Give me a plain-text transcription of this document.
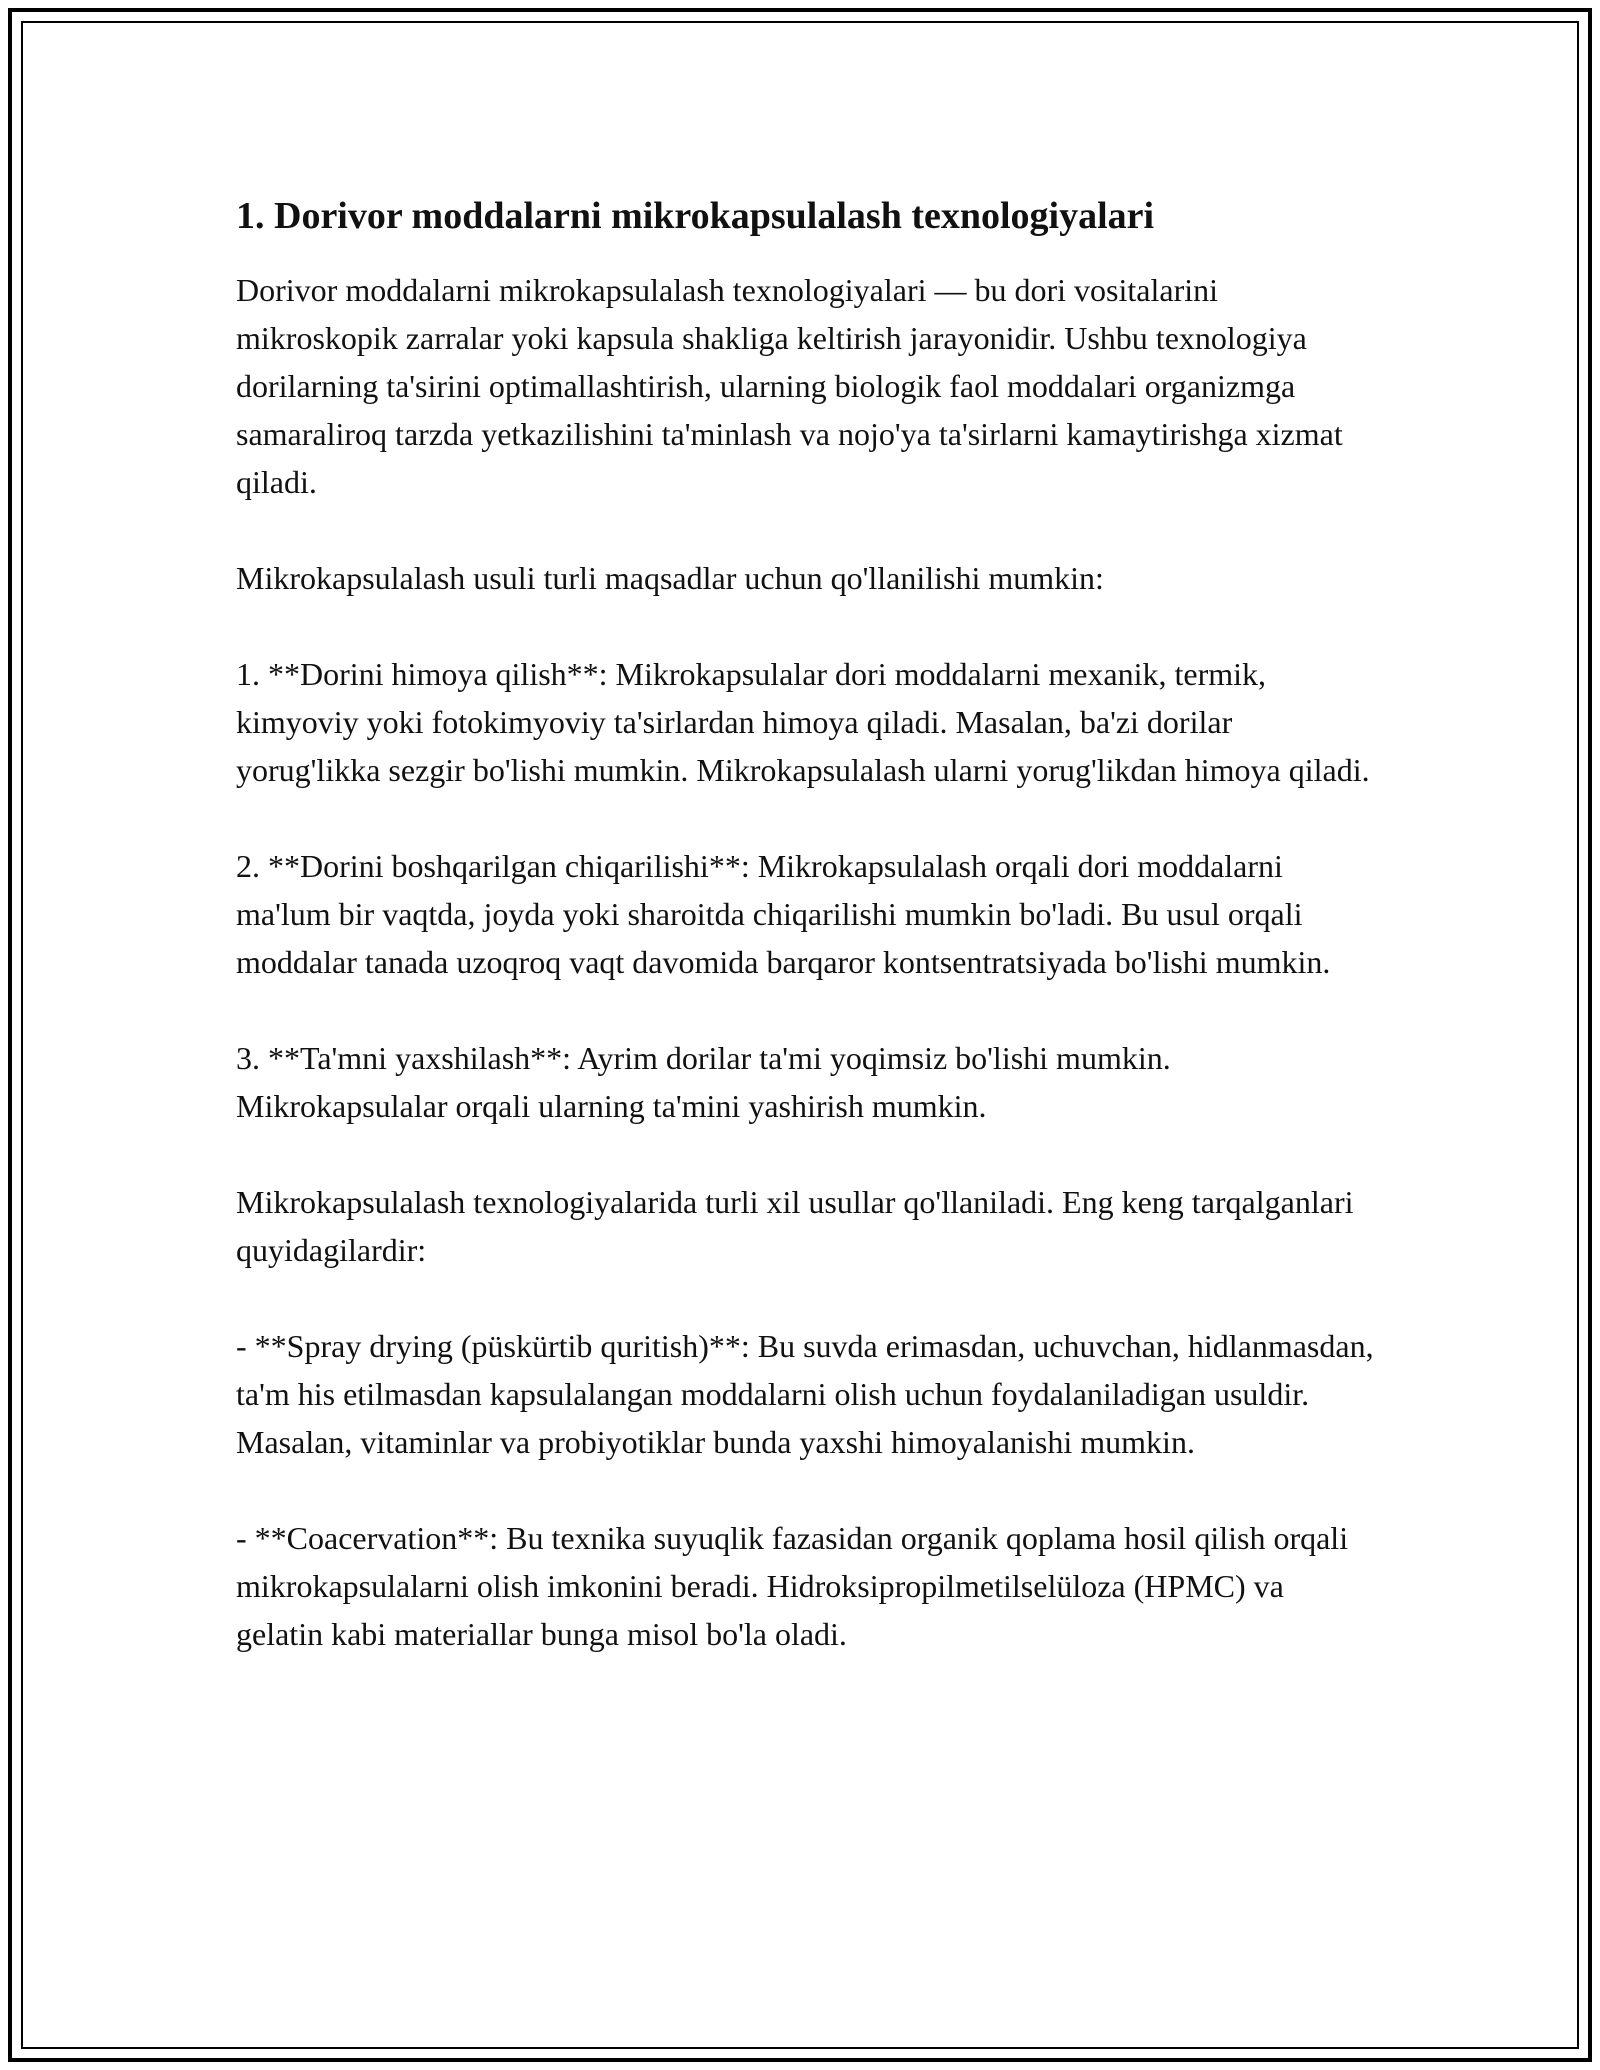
1. Dorivor moddalarni mikrokapsulalash texnologiyalari

Dorivor moddalarni mikrokapsulalash texnologiyalari — bu dori vositalarini mikroskopik zarralar yoki kapsula shakliga keltirish jarayonidir. Ushbu texnologiya dorilarning ta'sirini optimallashtirish, ularning biologik faol moddalari organizmga samaraliroq tarzda yetkazilishini ta'minlash va nojo'ya ta'sirlarni kamaytirishga xizmat qiladi.

Mikrokapsulalash usuli turli maqsadlar uchun qo'llanilishi mumkin:

1. **Dorini himoya qilish**: Mikrokapsulalar dori moddalarni mexanik, termik, kimyoviy yoki fotokimyoviy ta'sirlardan himoya qiladi. Masalan, ba'zi dorilar yorug'likka sezgir bo'lishi mumkin. Mikrokapsulalash ularni yorug'likdan himoya qiladi.

2. **Dorini boshqarilgan chiqarilishi**: Mikrokapsulalash orqali dori moddalarni ma'lum bir vaqtda, joyda yoki sharoitda chiqarilishi mumkin bo'ladi. Bu usul orqali moddalar tanada uzoqroq vaqt davomida barqaror kontsentratsiyada bo'lishi mumkin.

3. **Ta'mni yaxshilash**: Ayrim dorilar ta'mi yoqimsiz bo'lishi mumkin. Mikrokapsulalar orqali ularning ta'mini yashirish mumkin.

Mikrokapsulalash texnologiyalarida turli xil usullar qo'llaniladi. Eng keng tarqalganlari quyidagilardir:

- **Spray drying (püskürtib quritish)**: Bu suvda erimasdan, uchuvchan, hidlanmasdan, ta'm his etilmasdan kapsulalangan moddalarni olish uchun foydalaniladigan usuldir. Masalan, vitaminlar va probiyotiklar bunda yaxshi himoyalanishi mumkin.

- **Coacervation**: Bu texnika suyuqlik fazasidan organik qoplama hosil qilish orqali mikrokapsulalarni olish imkonini beradi. Hidroksipropilmetilselüloza (HPMC) va gelatin kabi materiallar bunga misol bo'la oladi.
